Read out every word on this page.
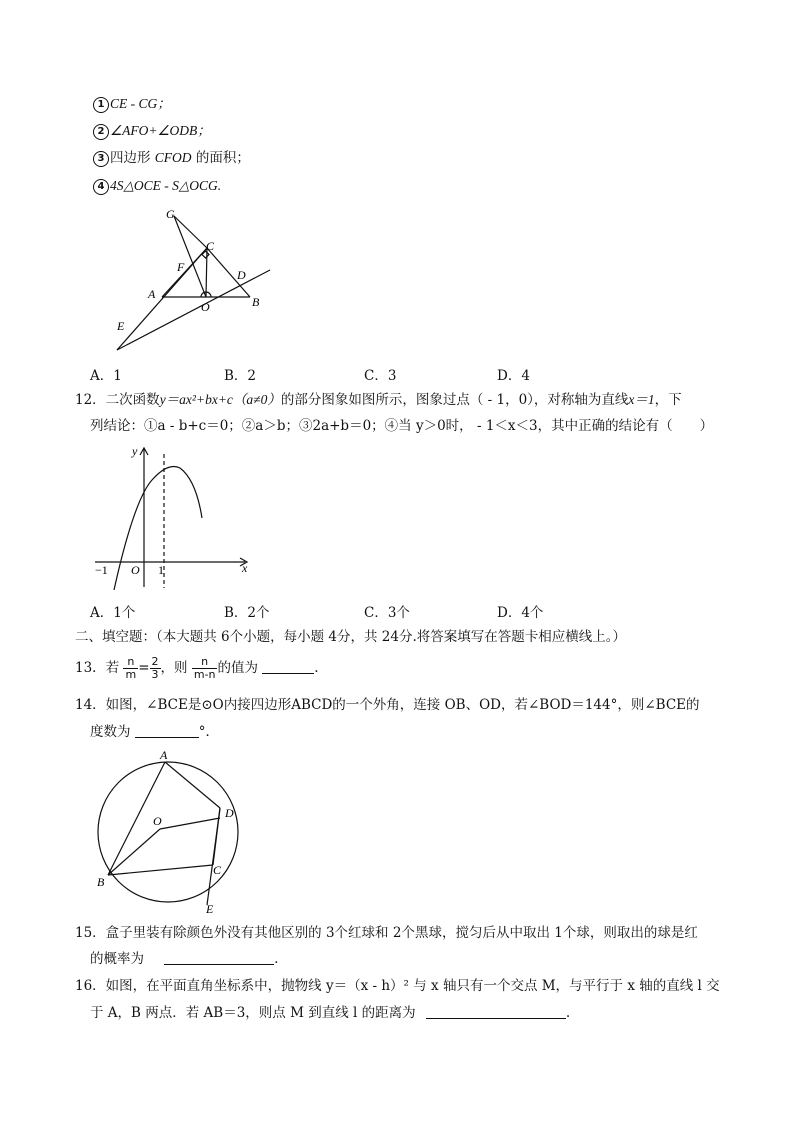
1 CE - CG；
2 ∠AFO+∠ODB；
3 四边形 CFOD 的面积；
4 4S△OCE - S△OCG.
G
C
F
D
A
O	B
E
A．1	B．2	C．3	D．4
12．二次函数y＝ax²+bx+c（a≠0）的部分图象如图所示，图象过点（ - 1，0），对称轴为直线x＝1，下
列结论：①a - b+c＝0；②a＞b；③2a+b＝0；④当 y＞0时， - 1＜x＜3，其中正确的结论有（　　）
y
x
−1 O 1
A．1个	B．2个	C．3个	D．4个
二、填空题：（本大题共 6个小题，每小题 4分，共 24分.将答案填写在答题卡相应横线上。）
13．若 $\frac{n}{m} = \frac{2}{3}$ ，则 $\frac{n}{m-n}$ 的值为	.
14．如图，∠BCE是⊙O内接四边形ABCD的一个外角，连接 OB、OD，若∠BOD＝144°，则∠BCE的
度数为	°．
A
D
O
C
B
E
15．盒子里装有除颜色外没有其他区别的 3个红球和 2个黑球，搅匀后从中取出 1个球，则取出的球是红
的概率为	．
16．如图，在平面直角坐标系中，抛物线 y＝（x - h）² 与 x 轴只有一个交点 M，与平行于 x 轴的直线 l 交
于 A，B 两点．若 AB＝3，则点 M 到直线 l 的距离为	.
